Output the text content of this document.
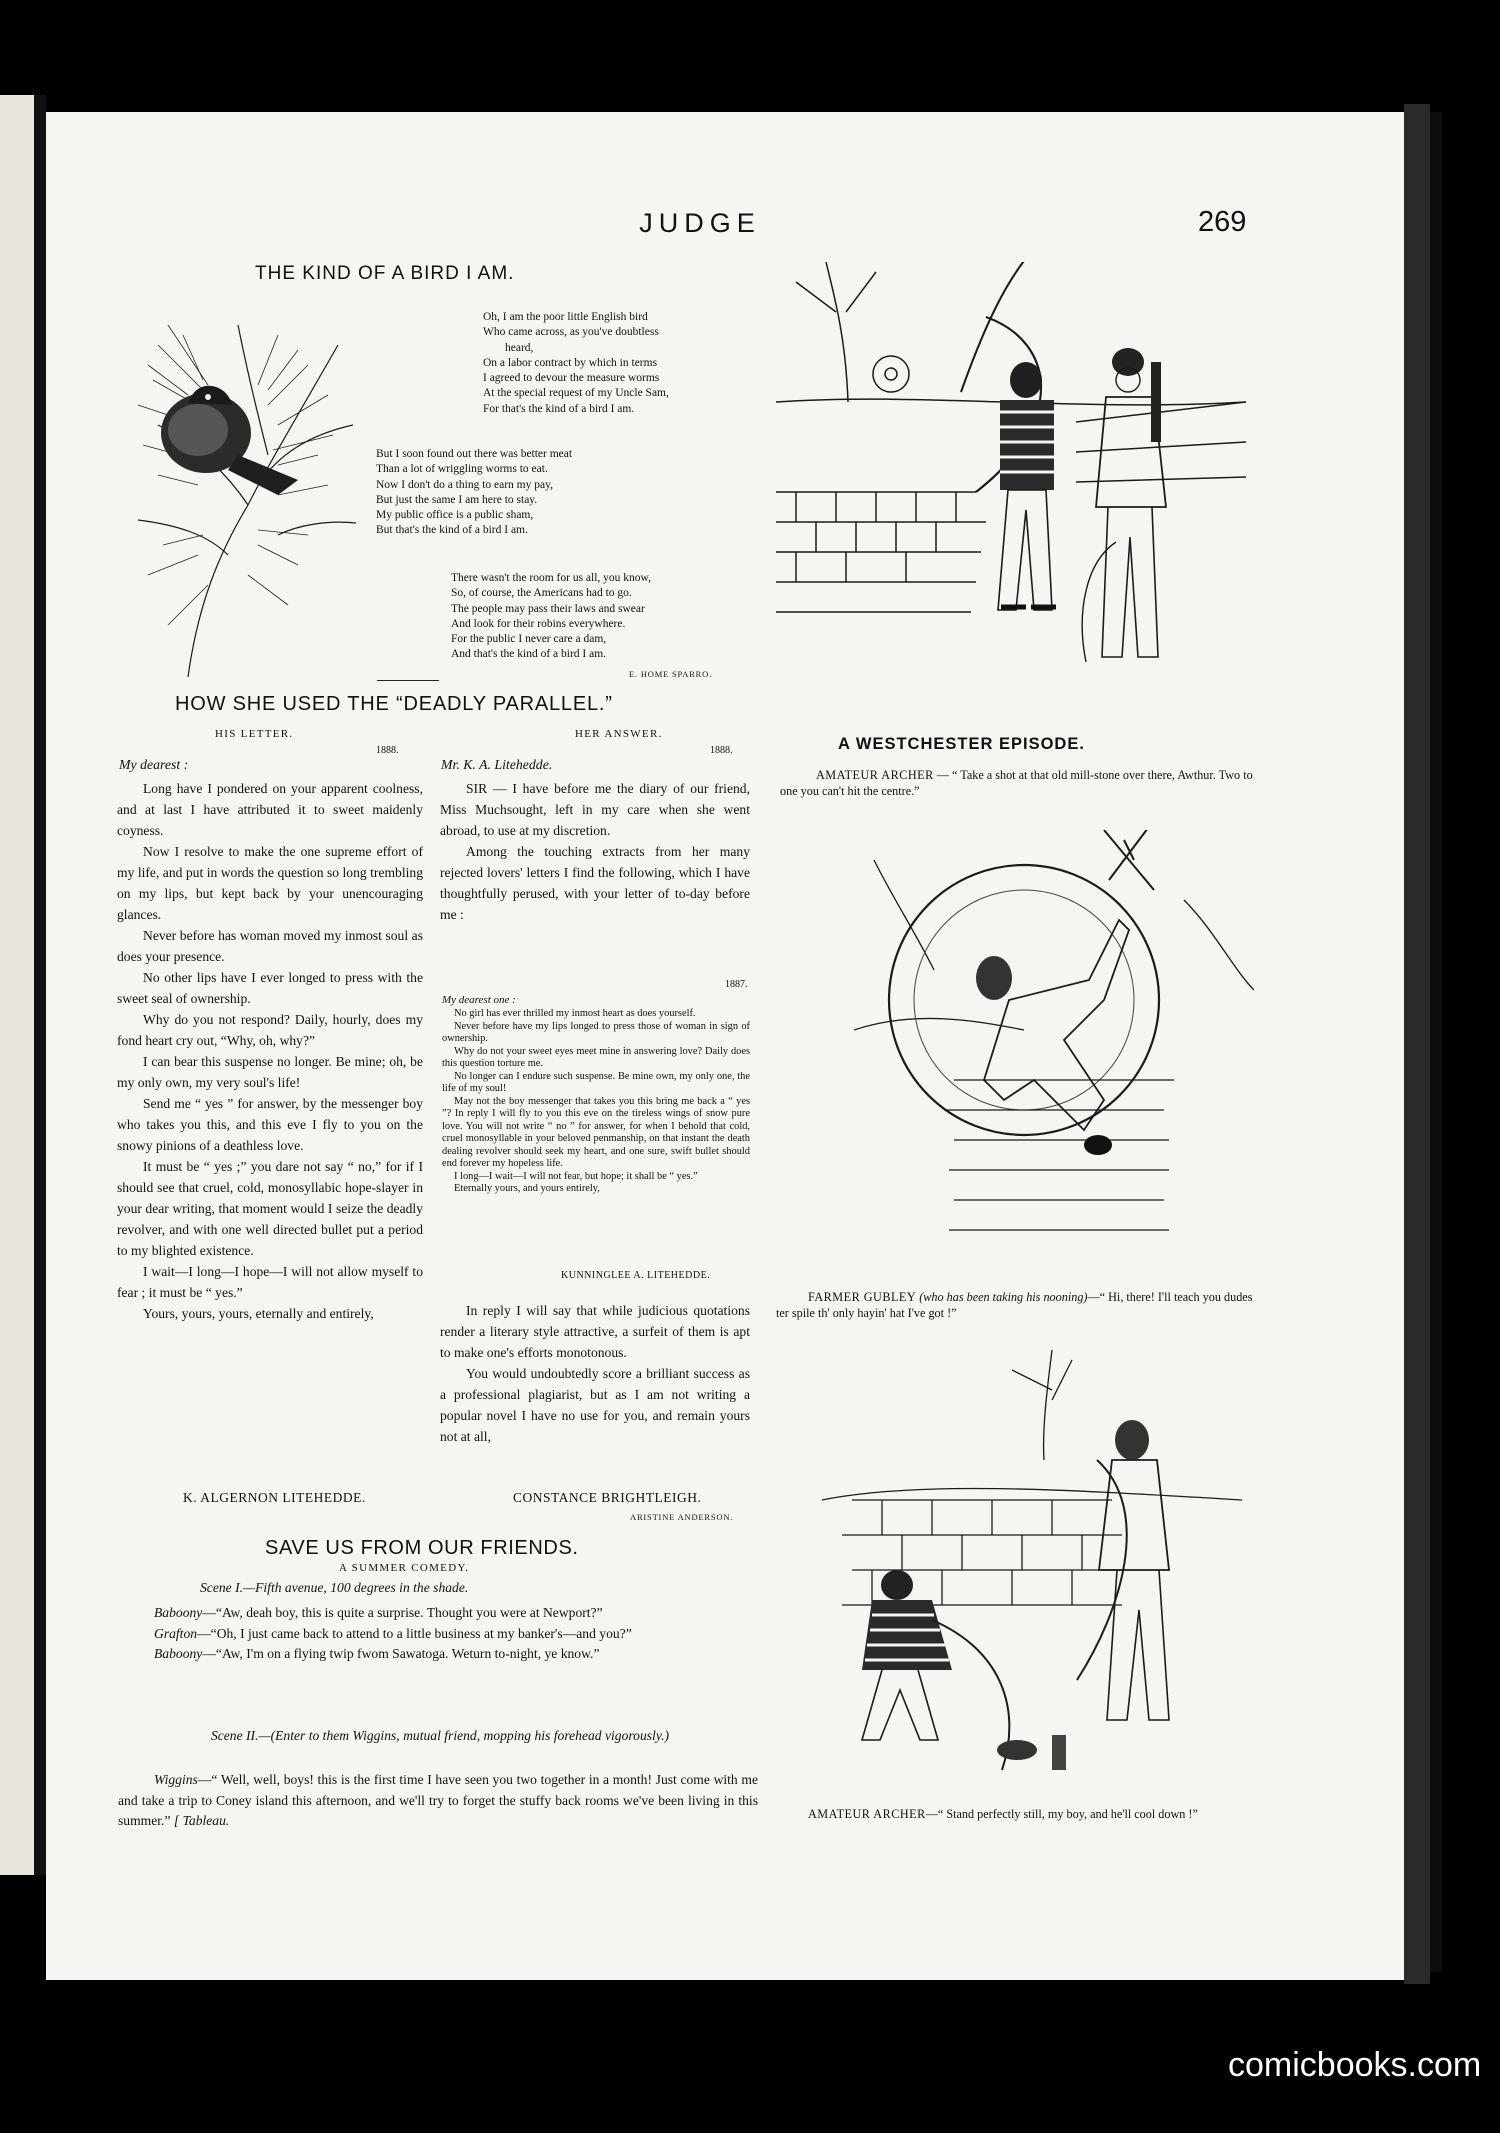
JUDGE	269
THE KIND OF A BIRD I AM.
Oh, I am the poor little English bird
Who came across, as you've doubtless
heard,
On a labor contract by which in terms
I agreed to devour the measure worms
At the special request of my Uncle Sam,
For that's the kind of a bird I am.
But I soon found out there was better meat
Than a lot of wriggling worms to eat.
Now I don't do a thing to earn my pay,
But just the same I am here to stay.
My public office is a public sham,
But that's the kind of a bird I am.
There wasn't the room for us all, you know,
So, of course, the Americans had to go.
The people may pass their laws and swear
And look for their robins everywhere.
For the public I never care a dam,
And that's the kind of a bird I am.
E. HOME SPARRO.
HOW SHE USED THE “DEADLY PARALLEL.”
HIS LETTER.
1888.
HER ANSWER.
1888.
My dearest :

Long have I pondered on your apparent coolness, and at last I have attributed it to sweet maidenly coyness.

Now I resolve to make the one supreme effort of my life, and put in words the question so long trembling on my lips, but kept back by your unencouraging glances.

Never before has woman moved my inmost soul as does your presence.

No other lips have I ever longed to press with the sweet seal of ownership.

Why do you not respond? Daily, hourly, does my fond heart cry out, “Why, oh, why?”

I can bear this suspense no longer. Be mine; oh, be my only own, my very soul's life!

Send me “ yes ” for answer, by the messenger boy who takes you this, and this eve I fly to you on the snowy pinions of a deathless love.

It must be “ yes ;” you dare not say “ no,” for if I should see that cruel, cold, monosyllabic hope-slayer in your dear writing, that moment would I seize the deadly revolver, and with one well directed bullet put a period to my blighted existence.

I wait—I long—I hope—I will not allow myself to fear ; it must be “ yes.”

Yours, yours, yours, eternally and entirely,

K. ALGERNON LITEHEDDE.
Mr. K. A. Litehedde.

SIR — I have before me the diary of our friend, Miss Muchsought, left in my care when she went abroad, to use at my discretion.

Among the touching extracts from her many rejected lovers' letters I find the following, which I have thoughtfully perused, with your letter of to-day before me :

1887.
My dearest one :

No girl has ever thrilled my inmost heart as does yourself.

Never before have my lips longed to press those of woman in sign of ownership.

Why do not your sweet eyes meet mine in answering love? Daily does this question torture me.

No longer can I endure such suspense. Be mine own, my only one, the life of my soul!

May not the boy messenger that takes you this bring me back a “ yes ”? In reply I will fly to you this eve on the tireless wings of snow pure love. You will not write “ no ” for answer, for when I behold that cold, cruel monosyllable in your beloved penmanship, on that instant the death dealing revolver should seek my heart, and one sure, swift bullet should end forever my hopeless life.

I long—I wait—I will not fear, but hope; it shall be “ yes.”

Eternally yours, and yours entirely,

KUNNINGLEE A. LITEHEDDE.

In reply I will say that while judicious quotations render a literary style attractive, a surfeit of them is apt to make one's efforts monotonous.

You would undoubtedly score a brilliant success as a professional plagiarist, but as I am not writing a popular novel I have no use for you, and remain yours not at all,

CONSTANCE BRIGHTLEIGH.
ARISTINE ANDERSON.
SAVE US FROM OUR FRIENDS.
A SUMMER COMEDY.
Scene I.—Fifth avenue, 100 degrees in the shade.
Baboony—“Aw, deah boy, this is quite a surprise. Thought you were at Newport?”
Grafton—“Oh, I just came back to attend to a little business at my banker's—and you?”
Baboony—“Aw, I'm on a flying twip fwom Sawatoga. Weturn to-night, ye know.”
Scene II.—(Enter to them Wiggins, mutual friend, mopping his forehead vigorously.)
Wiggins—“ Well, well, boys! this is the first time I have seen you two together in a month! Just come with me and take a trip to Coney island this afternoon, and we'll try to forget the stuffy back rooms we've been living in this summer.” [ Tableau.
A WESTCHESTER EPISODE.
AMATEUR ARCHER — “ Take a shot at that old mill-stone over there, Awthur. Two to one you can't hit the centre.”
FARMER GUBLEY (who has been taking his nooning)—“ Hi, there! I'll teach you dudes ter spile th' only hayin' hat I've got !”
AMATEUR ARCHER—“ Stand perfectly still, my boy, and he'll cool down !”
comicbooks.com
